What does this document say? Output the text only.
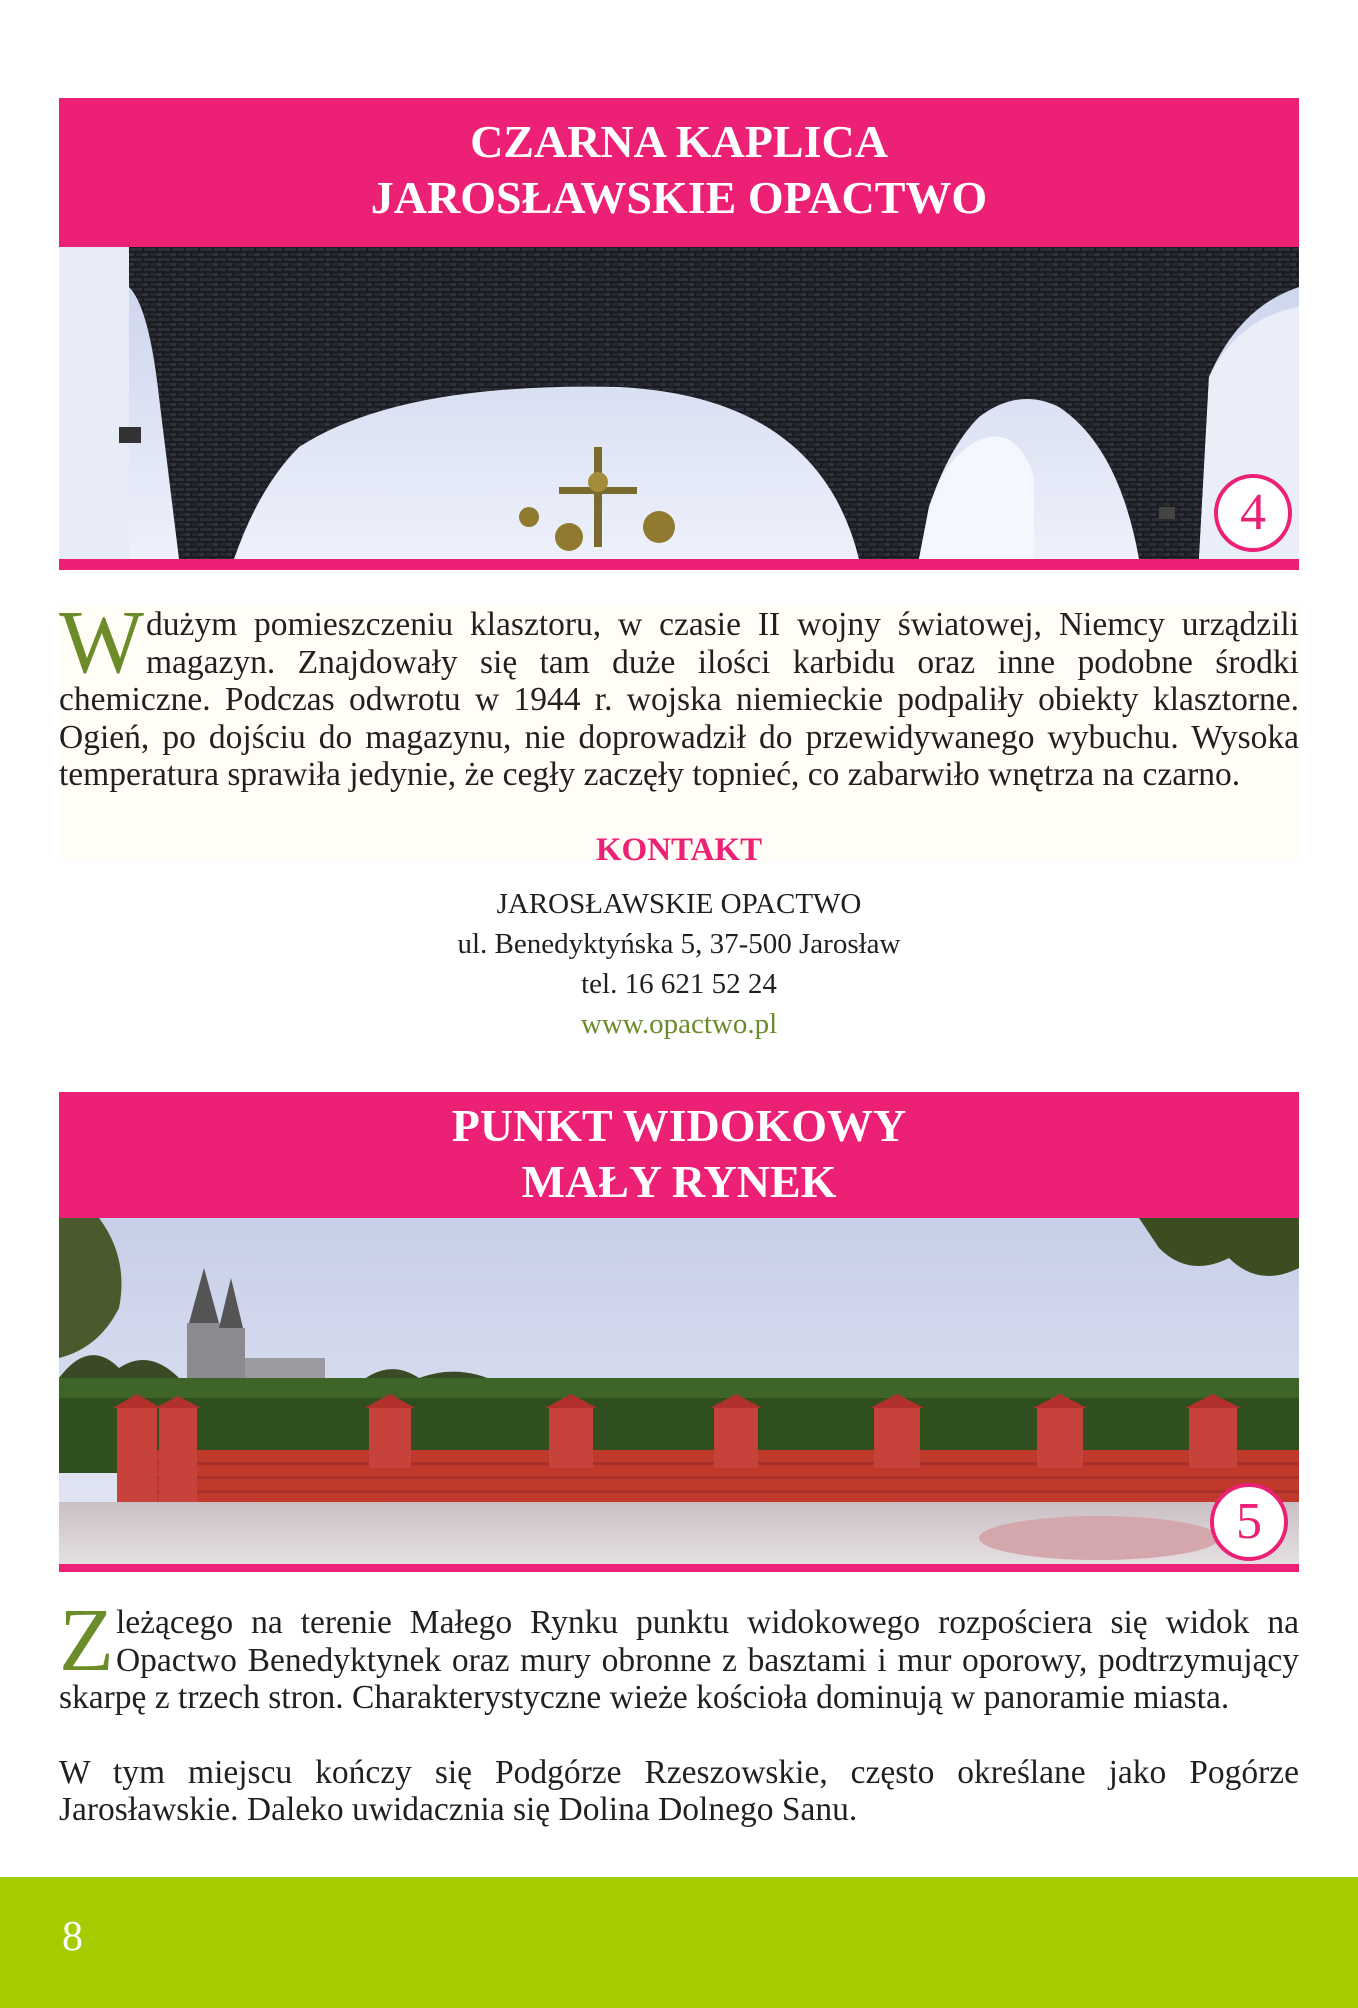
CZARNA KAPLICA
JAROSŁAWSKIE OPACTWO
4

W dużym pomieszczeniu klasztoru, w czasie II wojny światowej, Niemcy urządzili magazyn. Znajdowały się tam duże ilości karbidu oraz inne podobne środki chemiczne. Podczas odwrotu w 1944 r. wojska niemieckie podpaliły obiekty klasztorne. Ogień, po dojściu do magazynu, nie doprowadził do przewidywanego wybuchu. Wysoka temperatura sprawiła jedynie, że cegły zaczęły topnieć, co zabarwiło wnętrza na czarno.

KONTAKT
JAROSŁAWSKIE OPACTWO
ul. Benedyktyńska 5, 37-500 Jarosław
tel. 16 621 52 24
www.opactwo.pl
PUNKT WIDOKOWY
MAŁY RYNEK
5

Z leżącego na terenie Małego Rynku punktu widokowego rozpościera się widok na Opactwo Benedyktynek oraz mury obronne z basztami i mur oporowy, podtrzymujący skarpę z trzech stron. Charakterystyczne wieże kościoła dominują w panoramie miasta.

W tym miejscu kończy się Podgórze Rzeszowskie, często określane jako Pogórze Jarosławskie. Daleko uwidacznia się Dolina Dolnego Sanu.

8
